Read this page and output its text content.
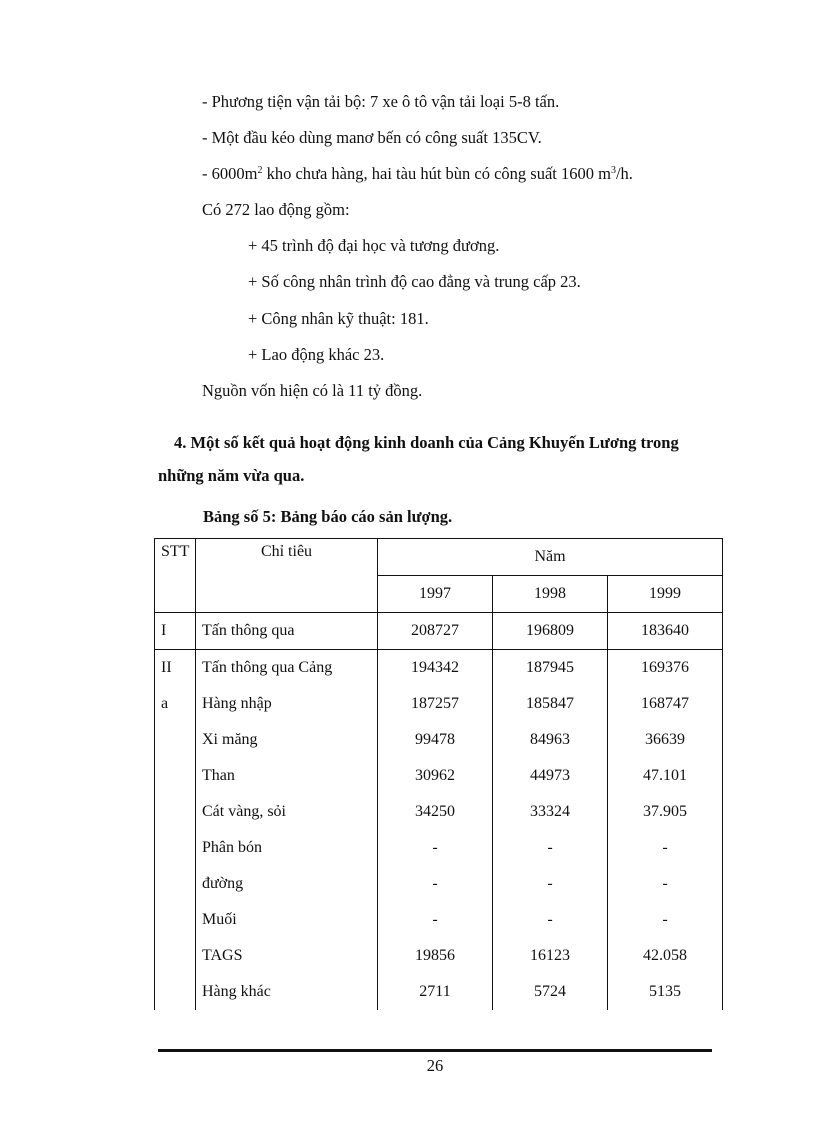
- Phương tiện vận tải bộ: 7 xe ô tô vận tải loại 5-8 tấn.
- Một đầu kéo dùng manơ bến có công suất 135CV.
- $6000m^2$ kho chưa hàng, hai tàu hút bùn có công suất 1600 $m^3/h$.
Có 272 lao động gồm:
+ 45 trình độ đại học và tương đương.
+ Số công nhân trình độ cao đẳng và trung cấp 23.
+ Công nhân kỹ thuật: 181.
+ Lao động khác 23.
Nguồn vốn hiện có là 11 tỷ đồng.
4. Một số kết quả hoạt động kinh doanh của Cảng Khuyến Lương trong
những năm vừa qua.
Bảng số 5: Bảng báo cáo sản lượng.
STT	Chỉ tiêu	Năm		
		1997	1998	1999
I	Tấn thông qua	208727	196809	183640
II	Tấn thông qua Cảng	194342	187945	169376
a	Hàng nhập	187257	185847	168747
	Xi măng	99478	84963	36639
	Than	30962	44973	47.101
	Cát vàng, sỏi	34250	33324	37.905
	Phân bón	-	-	-
	đường	-	-	-
	Muối	-	-	-
	TAGS	19856	16123	42.058
	Hàng khác	2711	5724	5135
26
